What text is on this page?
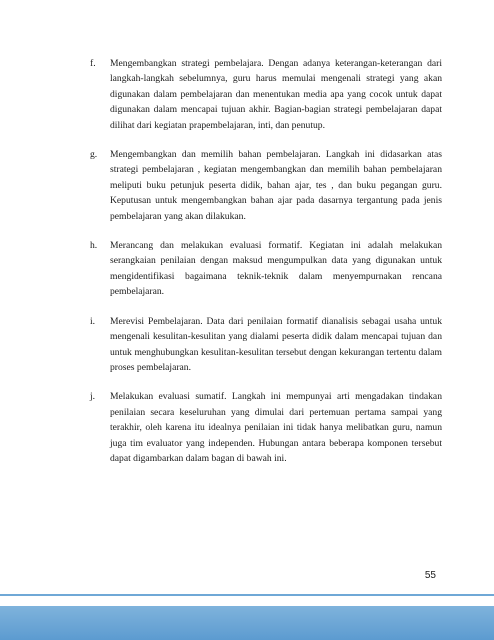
f.	Mengembangkan strategi pembelajara. Dengan adanya keterangan-keterangan dari langkah-langkah sebelumnya, guru harus memulai mengenali strategi yang akan digunakan dalam pembelajaran dan menentukan media apa yang cocok untuk dapat digunakan dalam mencapai tujuan akhir. Bagian-bagian strategi pembelajaran dapat dilihat dari kegiatan prapembelajaran, inti, dan penutup.
g.	Mengembangkan dan memilih bahan pembelajaran. Langkah ini didasarkan atas strategi pembelajaran , kegiatan mengembangkan dan memilih bahan pembelajaran meliputi buku petunjuk peserta didik, bahan ajar, tes , dan buku pegangan guru. Keputusan untuk mengembangkan bahan ajar pada dasarnya tergantung pada jenis pembelajaran yang akan dilakukan.
h.	Merancang dan melakukan evaluasi formatif. Kegiatan ini adalah melakukan serangkaian penilaian dengan maksud mengumpulkan data yang digunakan untuk mengidentifikasi bagaimana teknik-teknik dalam menyempurnakan rencana pembelajaran.
i.	Merevisi Pembelajaran. Data dari penilaian formatif dianalisis sebagai usaha untuk mengenali kesulitan-kesulitan yang dialami peserta didik dalam mencapai tujuan dan untuk menghubungkan kesulitan-kesulitan tersebut dengan kekurangan tertentu dalam proses pembelajaran.
j.	Melakukan evaluasi sumatif. Langkah ini mempunyai arti mengadakan tindakan penilaian secara keseluruhan yang dimulai dari pertemuan pertama sampai yang terakhir, oleh karena itu idealnya penilaian ini tidak hanya melibatkan guru, namun juga tim evaluator yang independen. Hubungan antara beberapa komponen tersebut dapat digambarkan dalam bagan di bawah ini.
55
